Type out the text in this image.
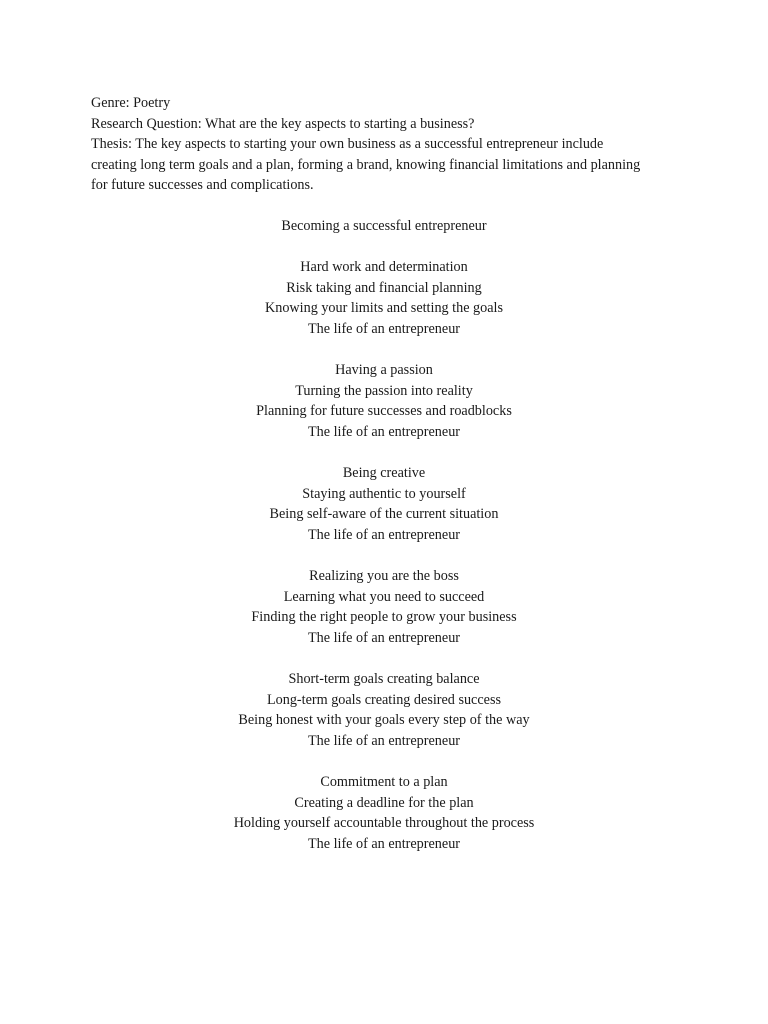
Genre: Poetry
Research Question: What are the key aspects to starting a business?
Thesis: The key aspects to starting your own business as a successful entrepreneur include
creating long term goals and a plan, forming a brand, knowing financial limitations and planning
for future successes and complications.
Becoming a successful entrepreneur
Hard work and determination
Risk taking and financial planning
Knowing your limits and setting the goals
The life of an entrepreneur
Having a passion
Turning the passion into reality
Planning for future successes and roadblocks
The life of an entrepreneur
Being creative
Staying authentic to yourself
Being self-aware of the current situation
The life of an entrepreneur
Realizing you are the boss
Learning what you need to succeed
Finding the right people to grow your business
The life of an entrepreneur
Short-term goals creating balance
Long-term goals creating desired success
Being honest with your goals every step of the way
The life of an entrepreneur
Commitment to a plan
Creating a deadline for the plan
Holding yourself accountable throughout the process
The life of an entrepreneur
